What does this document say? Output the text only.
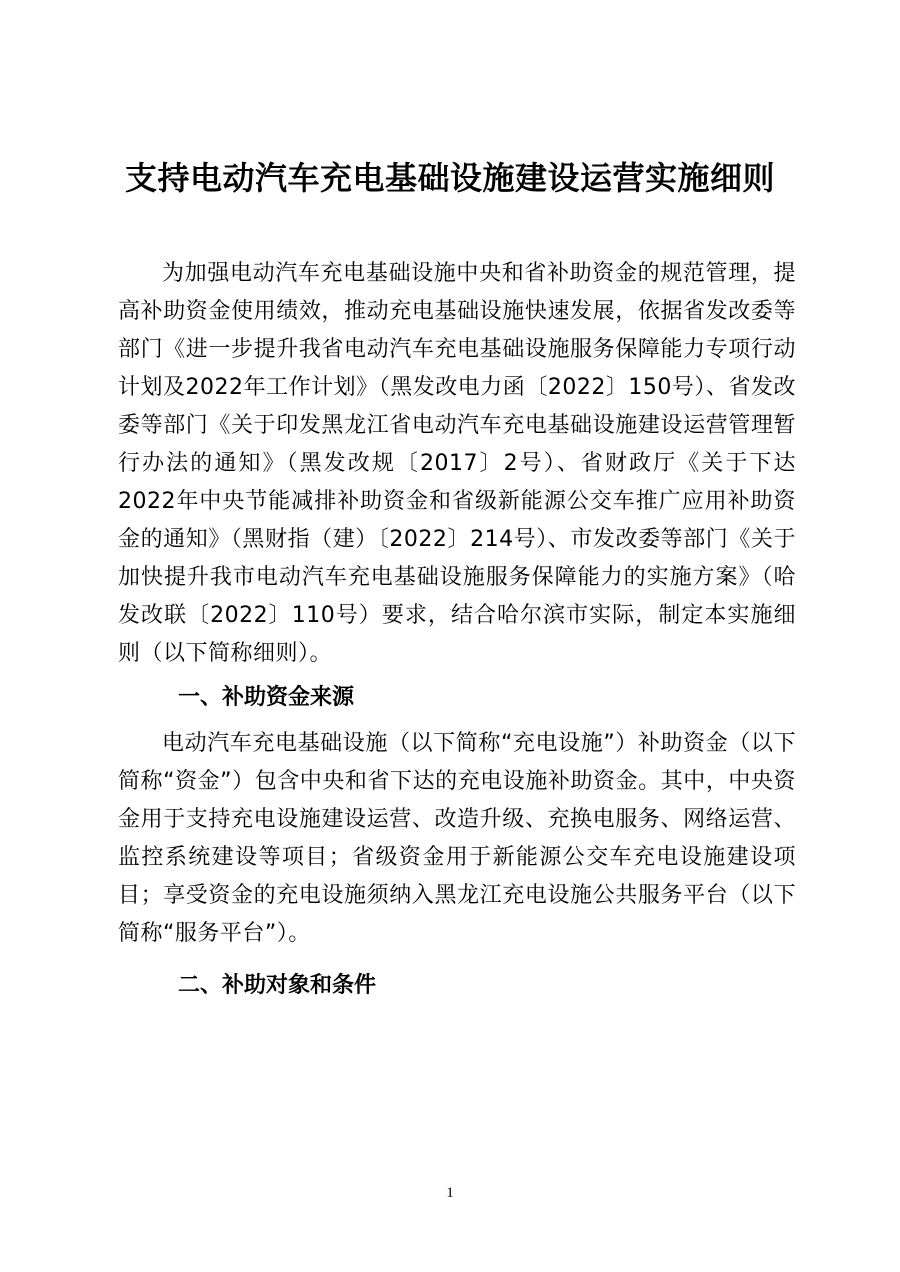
支持电动汽车充电基础设施建设运营实施细则

为加强电动汽车充电基础设施中央和省补助资金的规范管理，提高补助资金使用绩效，推动充电基础设施快速发展，依据省发改委等部门《进一步提升我省电动汽车充电基础设施服务保障能力专项行动计划及2022年工作计划》（黑发改电力函〔2022〕150号）、省发改委等部门《关于印发黑龙江省电动汽车充电基础设施建设运营管理暂行办法的通知》（黑发改规〔2017〕2号）、省财政厅《关于下达2022年中央节能减排补助资金和省级新能源公交车推广应用补助资金的通知》（黑财指（建）〔2022〕214号）、市发改委等部门《关于加快提升我市电动汽车充电基础设施服务保障能力的实施方案》（哈发改联〔2022〕110号）要求，结合哈尔滨市实际，制定本实施细则（以下简称细则）。

一、补助资金来源

电动汽车充电基础设施（以下简称“充电设施”）补助资金（以下简称“资金”）包含中央和省下达的充电设施补助资金。其中，中央资金用于支持充电设施建设运营、改造升级、充换电服务、网络运营、监控系统建设等项目；省级资金用于新能源公交车充电设施建设项目；享受资金的充电设施须纳入黑龙江充电设施公共服务平台（以下简称“服务平台”）。

二、补助对象和条件
1
